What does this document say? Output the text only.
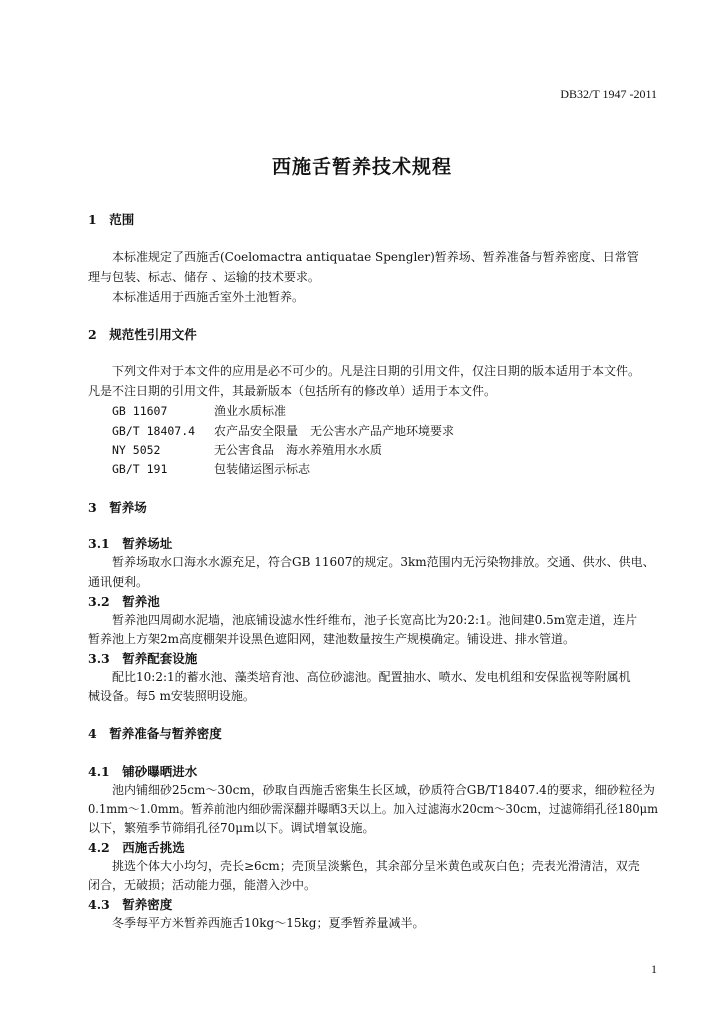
DB32/T 1947 -2011
西施舌暂养技术规程
1　范围
本标准规定了西施舌(Coelomactra antiquatae Spengler)暂养场、暂养准备与暂养密度、日常管
理与包装、标志、储存 、运输的技术要求。
本标准适用于西施舌室外土池暂养。
2　规范性引用文件
下列文件对于本文件的应用是必不可少的。凡是注日期的引用文件，仅注日期的版本适用于本文件。
凡是不注日期的引用文件，其最新版本（包括所有的修改单）适用于本文件。
GB 11607	渔业水质标准
GB/T 18407.4 农产品安全限量　无公害水产品产地环境要求
NY 5052	无公害食品　海水养殖用水水质
GB/T 191	包装储运图示标志
3　暂养场
3.1　暂养场址
暂养场取水口海水水源充足，符合GB 11607的规定。3km范围内无污染物排放。交通、供水、供电、
通讯便利。
3.2　暂养池
暂养池四周砌水泥墙，池底铺设滤水性纤维布，池子长宽高比为20:2:1。池间建0.5m宽走道，连片
暂养池上方架2m高度棚架并设黑色遮阳网，建池数量按生产规模确定。铺设进、排水管道。
3.3　暂养配套设施
配比10:2:1的蓄水池、藻类培育池、高位砂滤池。配置抽水、喷水、发电机组和安保监视等附属机
械设备。每5 m安装照明设施。
4　暂养准备与暂养密度
4.1　铺砂曝晒进水
池内铺细砂25cm～30cm，砂取自西施舌密集生长区域，砂质符合GB/T18407.4的要求，细砂粒径为
0.1mm～1.0mm。暂养前池内细砂需深翻并曝晒3天以上。加入过滤海水20cm～30cm，过滤筛绢孔径180μm
以下，繁殖季节筛绢孔径70μm以下。调试增氧设施。
4.2　西施舌挑选
挑选个体大小均匀，壳长≥6cm；壳顶呈淡紫色，其余部分呈米黄色或灰白色；壳表光滑清洁，双壳
闭合，无破损；活动能力强，能潜入沙中。
4.3　暂养密度
冬季每平方米暂养西施舌10kg～15kg；夏季暂养量减半。
1
